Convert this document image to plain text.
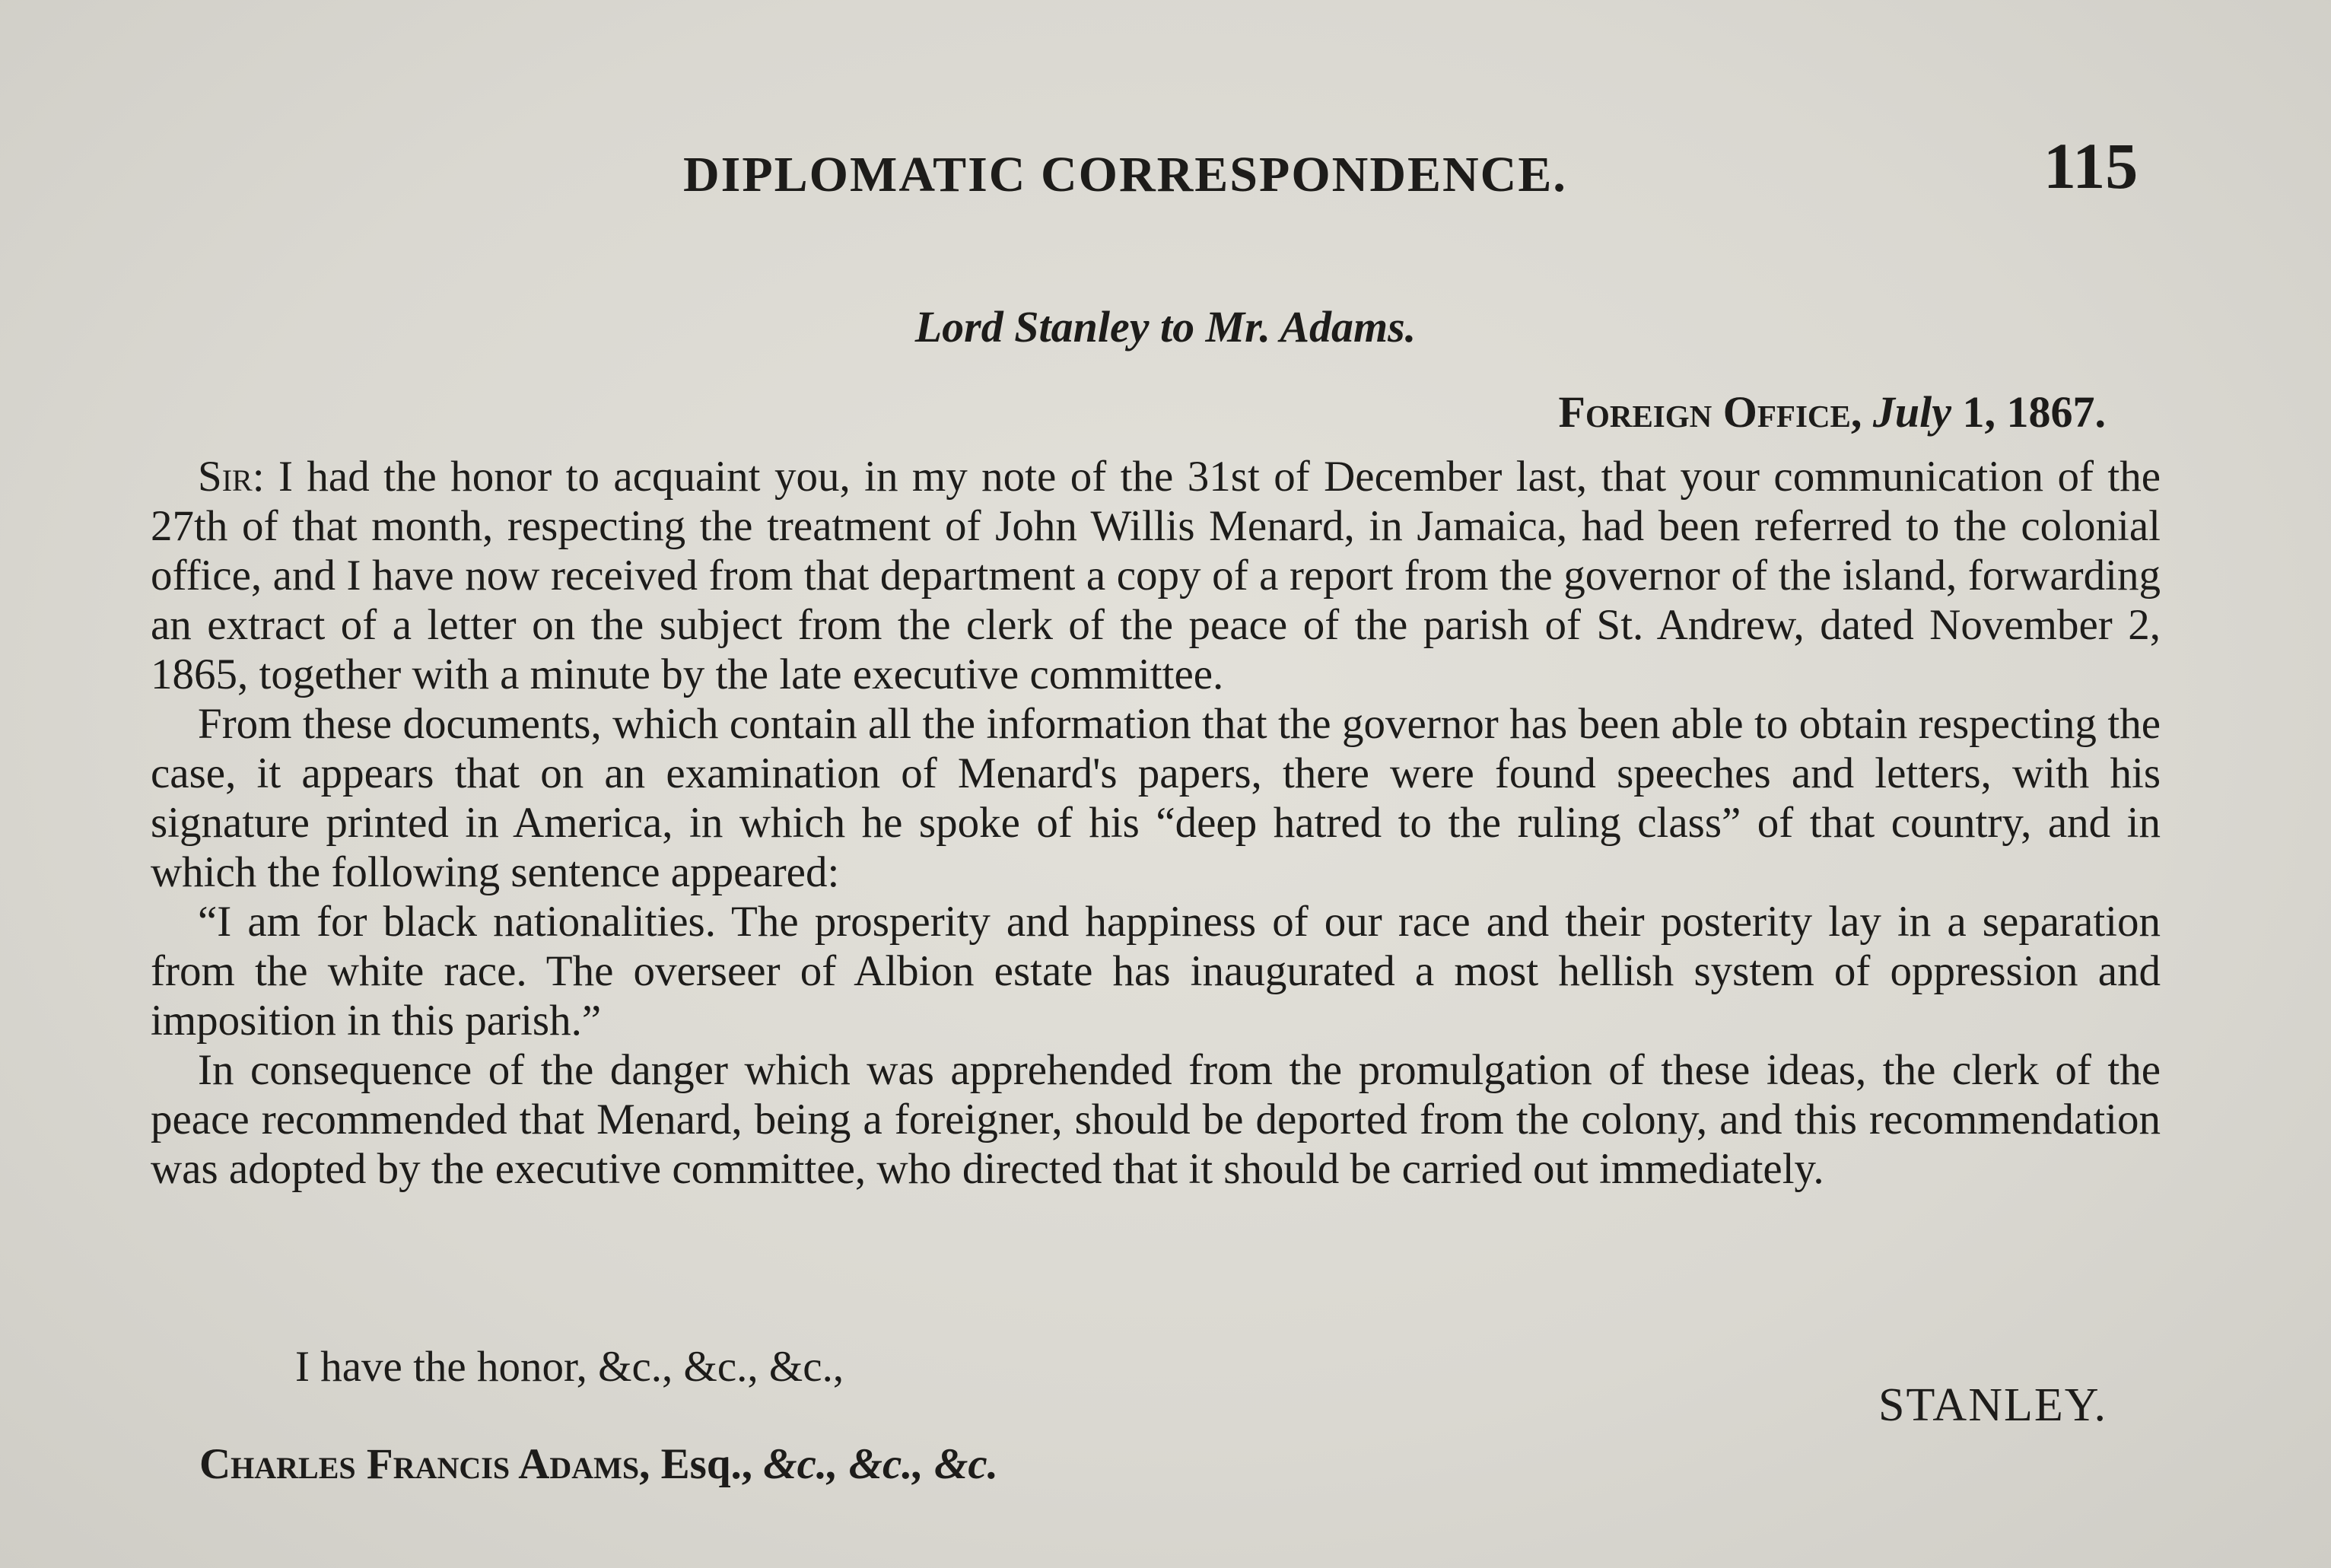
DIPLOMATIC CORRESPONDENCE.	115
Lord Stanley to Mr. Adams.
Foreign Office, July 1, 1867.

Sir: I had the honor to acquaint you, in my note of the 31st of December last, that your communication of the 27th of that month, respecting the treatment of John Willis Menard, in Jamaica, had been referred to the colonial office, and I have now received from that department a copy of a report from the governor of the island, forwarding an extract of a letter on the subject from the clerk of the peace of the parish of St. Andrew, dated November 2, 1865, together with a minute by the late executive committee.

From these documents, which contain all the information that the governor has been able to obtain respecting the case, it appears that on an examination of Menard's papers, there were found speeches and letters, with his signature printed in America, in which he spoke of his “deep hatred to the ruling class” of that country, and in which the following sentence appeared:

“I am for black nationalities. The prosperity and happiness of our race and their posterity lay in a separation from the white race. The overseer of Albion estate has inaugurated a most hellish system of oppression and imposition in this parish.”

In consequence of the danger which was apprehended from the promulgation of these ideas, the clerk of the peace recommended that Menard, being a foreigner, should be deported from the colony, and this recommendation was adopted by the executive committee, who directed that it should be carried out immediately.

I have the honor, &c., &c., &c.,
STANLEY.
Charles Francis Adams, Esq., &c., &c., &c.
